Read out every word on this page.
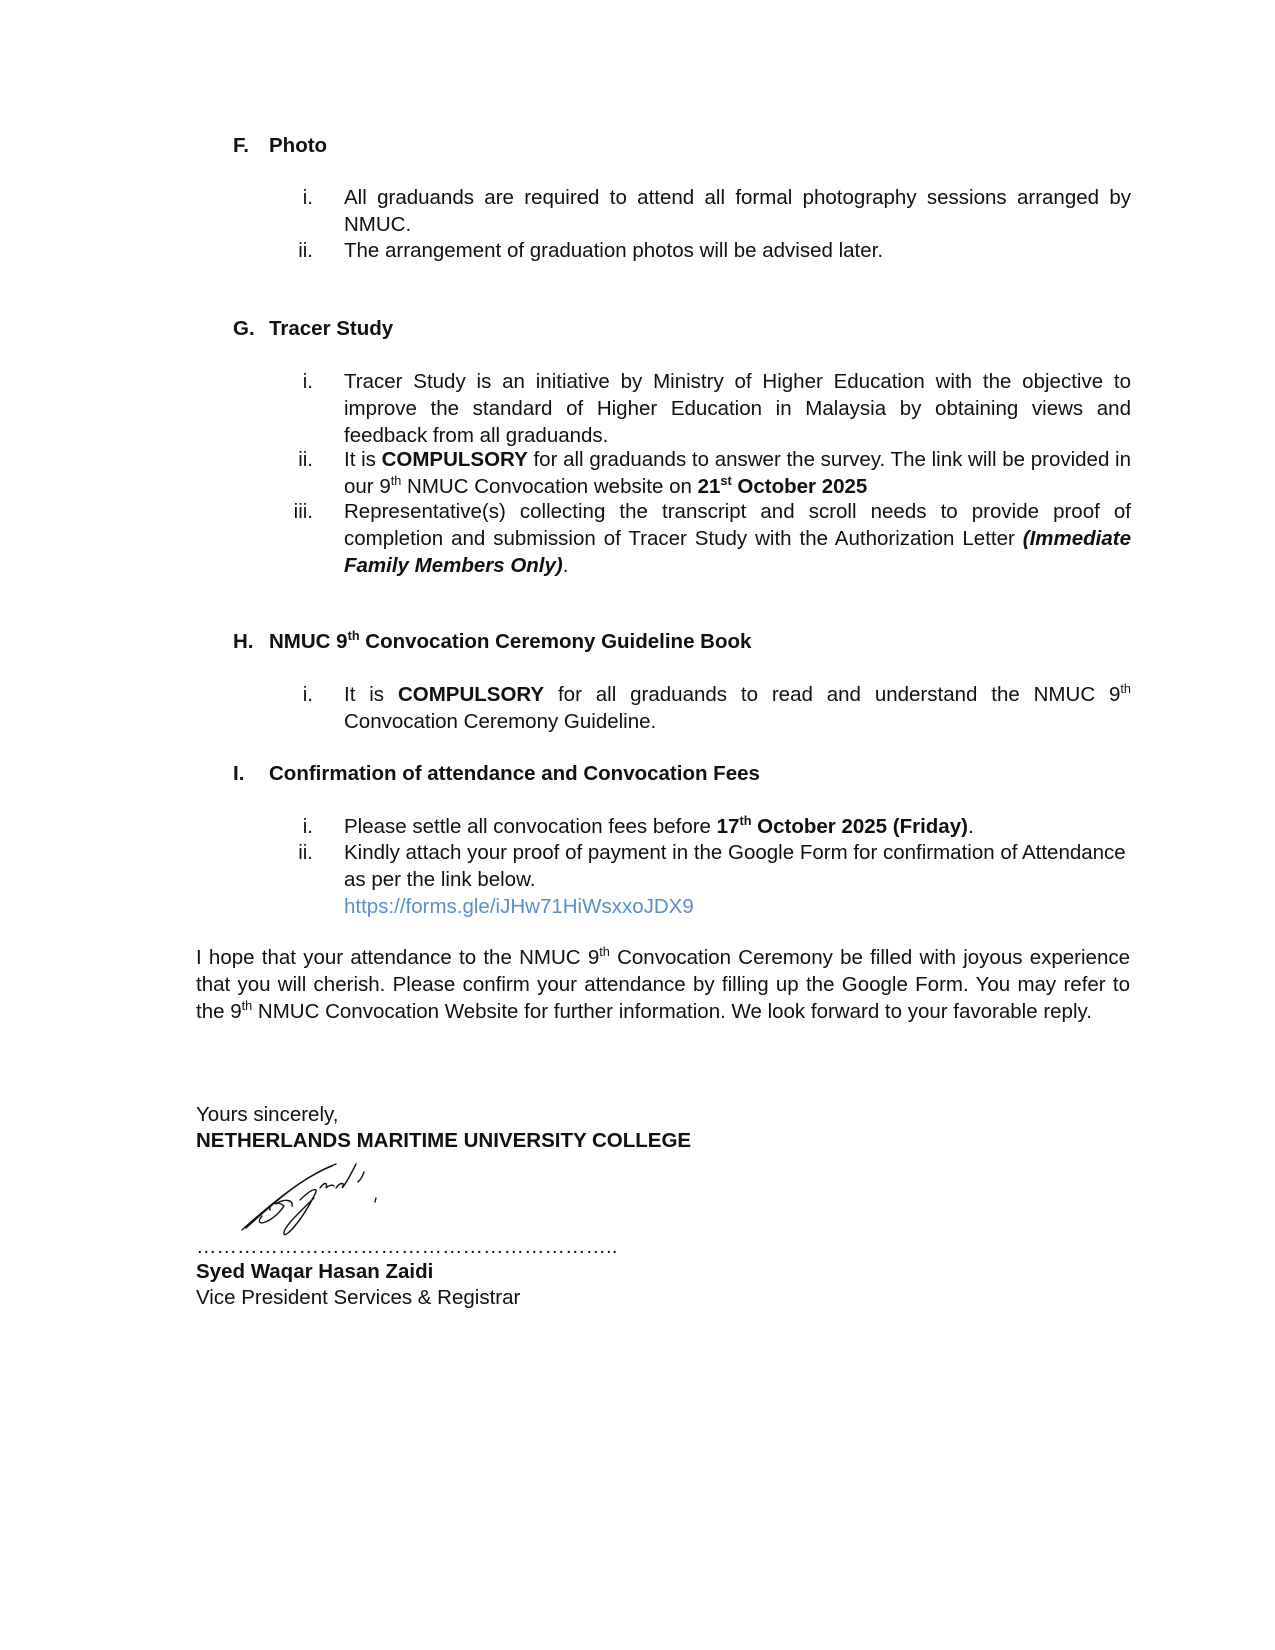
F. Photo
i. All graduands are required to attend all formal photography sessions arranged by NMUC.
ii. The arrangement of graduation photos will be advised later.
G. Tracer Study
i. Tracer Study is an initiative by Ministry of Higher Education with the objective to improve the standard of Higher Education in Malaysia by obtaining views and feedback from all graduands.
ii. It is COMPULSORY for all graduands to answer the survey. The link will be provided in our 9th NMUC Convocation website on 21st October 2025
iii. Representative(s) collecting the transcript and scroll needs to provide proof of completion and submission of Tracer Study with the Authorization Letter (Immediate Family Members Only).
H. NMUC 9th Convocation Ceremony Guideline Book
i. It is COMPULSORY for all graduands to read and understand the NMUC 9th Convocation Ceremony Guideline.
I. Confirmation of attendance and Convocation Fees
i. Please settle all convocation fees before 17th October 2025 (Friday).
ii. Kindly attach your proof of payment in the Google Form for confirmation of Attendance as per the link below.
https://forms.gle/iJHw71HiWsxxoJDX9
I hope that your attendance to the NMUC 9th Convocation Ceremony be filled with joyous experience that you will cherish. Please confirm your attendance by filling up the Google Form. You may refer to the 9th NMUC Convocation Website for further information. We look forward to your favorable reply.
Yours sincerely,
NETHERLANDS MARITIME UNIVERSITY COLLEGE
……………………………………………………..
Syed Waqar Hasan Zaidi
Vice President Services & Registrar
